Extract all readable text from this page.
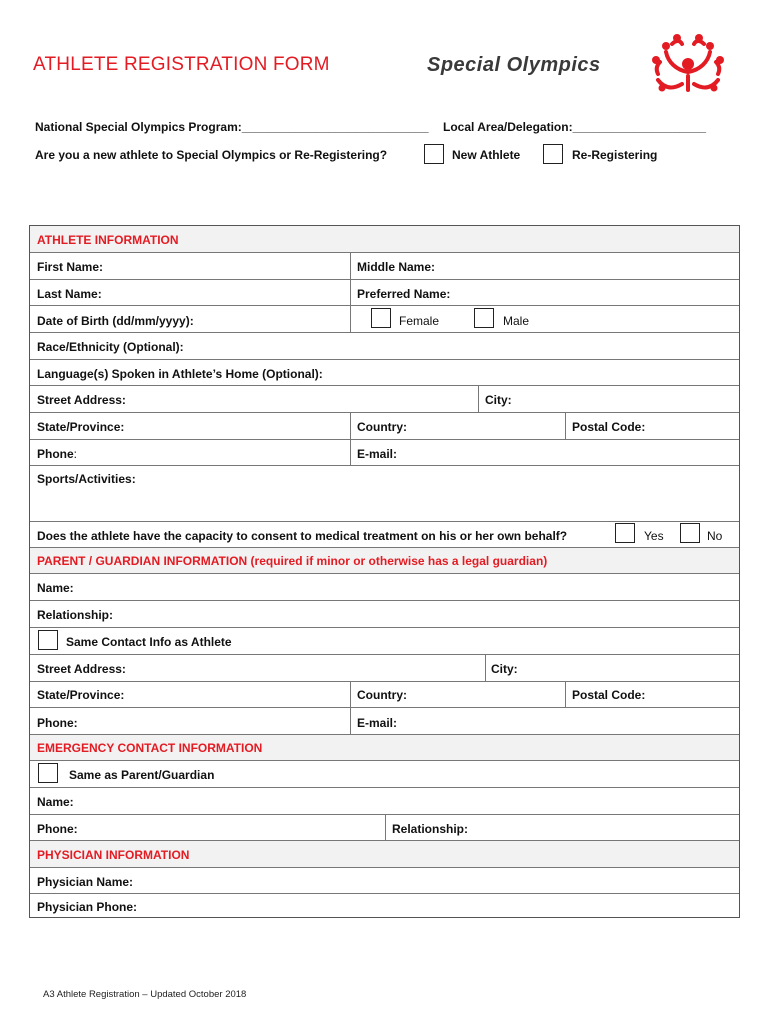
ATHLETE REGISTRATION FORM	Special Olympics
National Special Olympics Program:____________________________ Local Area/Delegation:____________________
Are you a new athlete to Special Olympics or Re-Registering?	New Athlete	Re-Registering
ATHLETE INFORMATION
First Name:	Middle Name:
Last Name:	Preferred Name:
Date of Birth (dd/mm/yyyy):	Female	Male
Race/Ethnicity (Optional):
Language(s) Spoken in Athlete’s Home (Optional):
Street Address:	City:
State/Province:	Country:	Postal Code:
Phone:	E-mail:
Sports/Activities:
Does the athlete have the capacity to consent to medical treatment on his or her own behalf?	Yes	No
PARENT / GUARDIAN INFORMATION (required if minor or otherwise has a legal guardian)
Name:
Relationship:
Same Contact Info as Athlete
Street Address:	City:
State/Province:	Country:	Postal Code:
Phone:	E-mail:
EMERGENCY CONTACT INFORMATION
Same as Parent/Guardian
Name:
Phone:	Relationship:
PHYSICIAN INFORMATION
Physician Name:
Physician Phone:
A3 Athlete Registration – Updated October 2018
